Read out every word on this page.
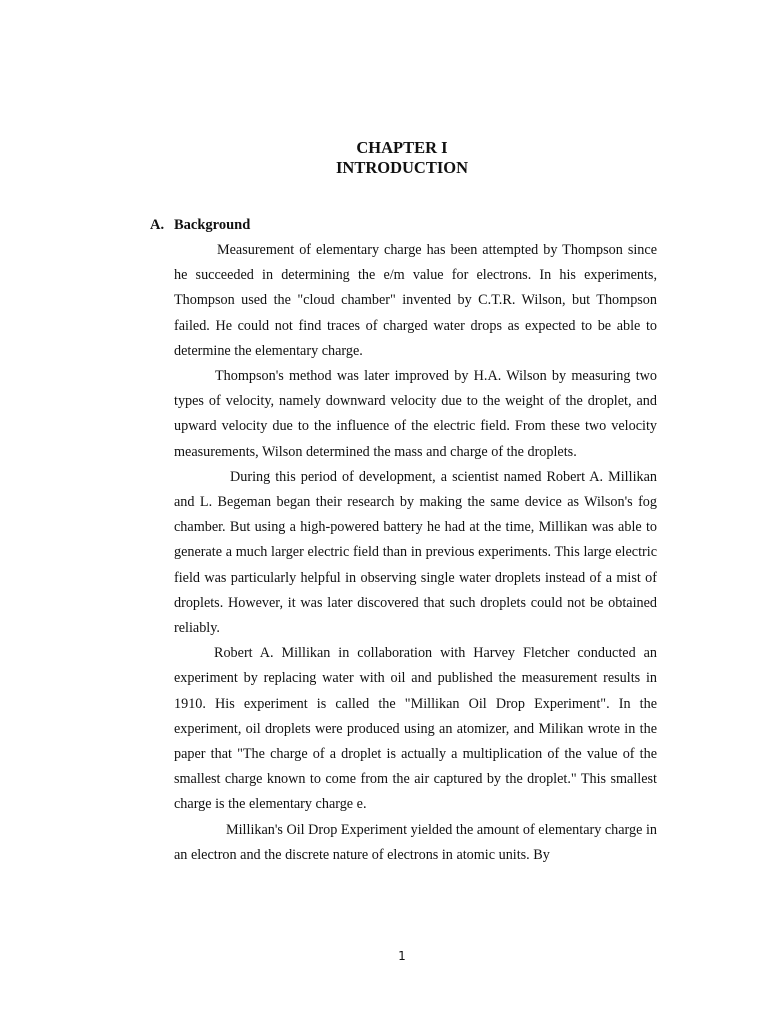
CHAPTER I
INTRODUCTION
A. Background

Measurement of elementary charge has been attempted by Thompson since he succeeded in determining the e/m value for electrons. In his experiments, Thompson used the "cloud chamber" invented by C.T.R. Wilson, but Thompson failed. He could not find traces of charged water drops as expected to be able to determine the elementary charge.

Thompson's method was later improved by H.A. Wilson by measuring two types of velocity, namely downward velocity due to the weight of the droplet, and upward velocity due to the influence of the electric field. From these two velocity measurements, Wilson determined the mass and charge of the droplets.

During this period of development, a scientist named Robert A. Millikan and L. Begeman began their research by making the same device as Wilson's fog chamber. But using a high-powered battery he had at the time, Millikan was able to generate a much larger electric field than in previous experiments. This large electric field was particularly helpful in observing single water droplets instead of a mist of droplets. However, it was later discovered that such droplets could not be obtained reliably.

Robert A. Millikan in collaboration with Harvey Fletcher conducted an experiment by replacing water with oil and published the measurement results in 1910. His experiment is called the "Millikan Oil Drop Experiment". In the experiment, oil droplets were produced using an atomizer, and Milikan wrote in the paper that "The charge of a droplet is actually a multiplication of the value of the smallest charge known to come from the air captured by the droplet." This smallest charge is the elementary charge e.

Millikan's Oil Drop Experiment yielded the amount of elementary charge in an electron and the discrete nature of electrons in atomic units. By

1
